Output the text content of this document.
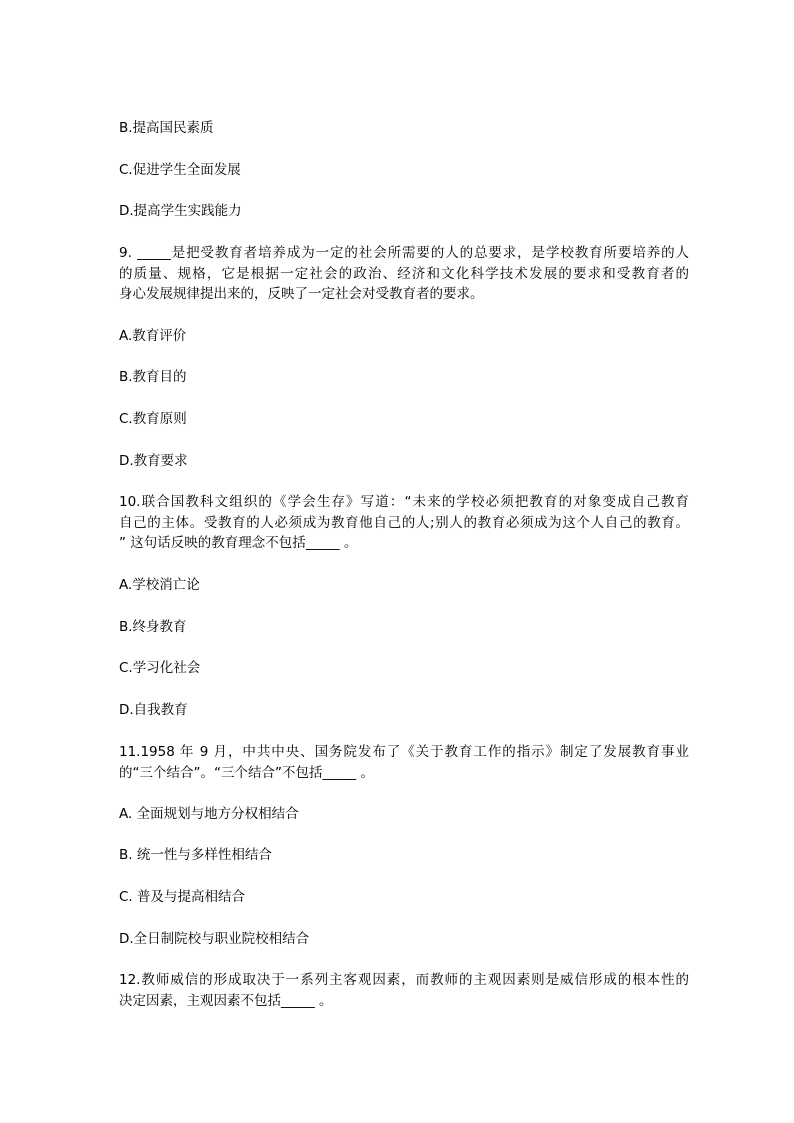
B.提高国民素质

C.促进学生全面发展

D.提高学生实践能力

9. _____是把受教育者培养成为一定的社会所需要的人的总要求，是学校教育所要培养的人
的质量、规格，它是根据一定社会的政治、经济和文化科学技术发展的要求和受教育者的
身心发展规律提出来的，反映了一定社会对受教育者的要求。

A.教育评价

B.教育目的

C.教育原则

D.教育要求

10.联合国教科文组织的《学会生存》写道：“未来的学校必须把教育的对象变成自己教育
自己的主体。受教育的人必须成为教育他自己的人;别人的教育必须成为这个人自己的教育。
” 这句话反映的教育理念不包括_____ 。

A.学校消亡论

B.终身教育

C.学习化社会

D.自我教育

11.1958 年 9 月，中共中央、国务院发布了《关于教育工作的指示》制定了发展教育事业
的“三个结合”。“三个结合”不包括_____ 。

A. 全面规划与地方分权相结合

B. 统一性与多样性相结合

C. 普及与提高相结合

D.全日制院校与职业院校相结合

12.教师威信的形成取决于一系列主客观因素，而教师的主观因素则是威信形成的根本性的
决定因素，主观因素不包括_____ 。
